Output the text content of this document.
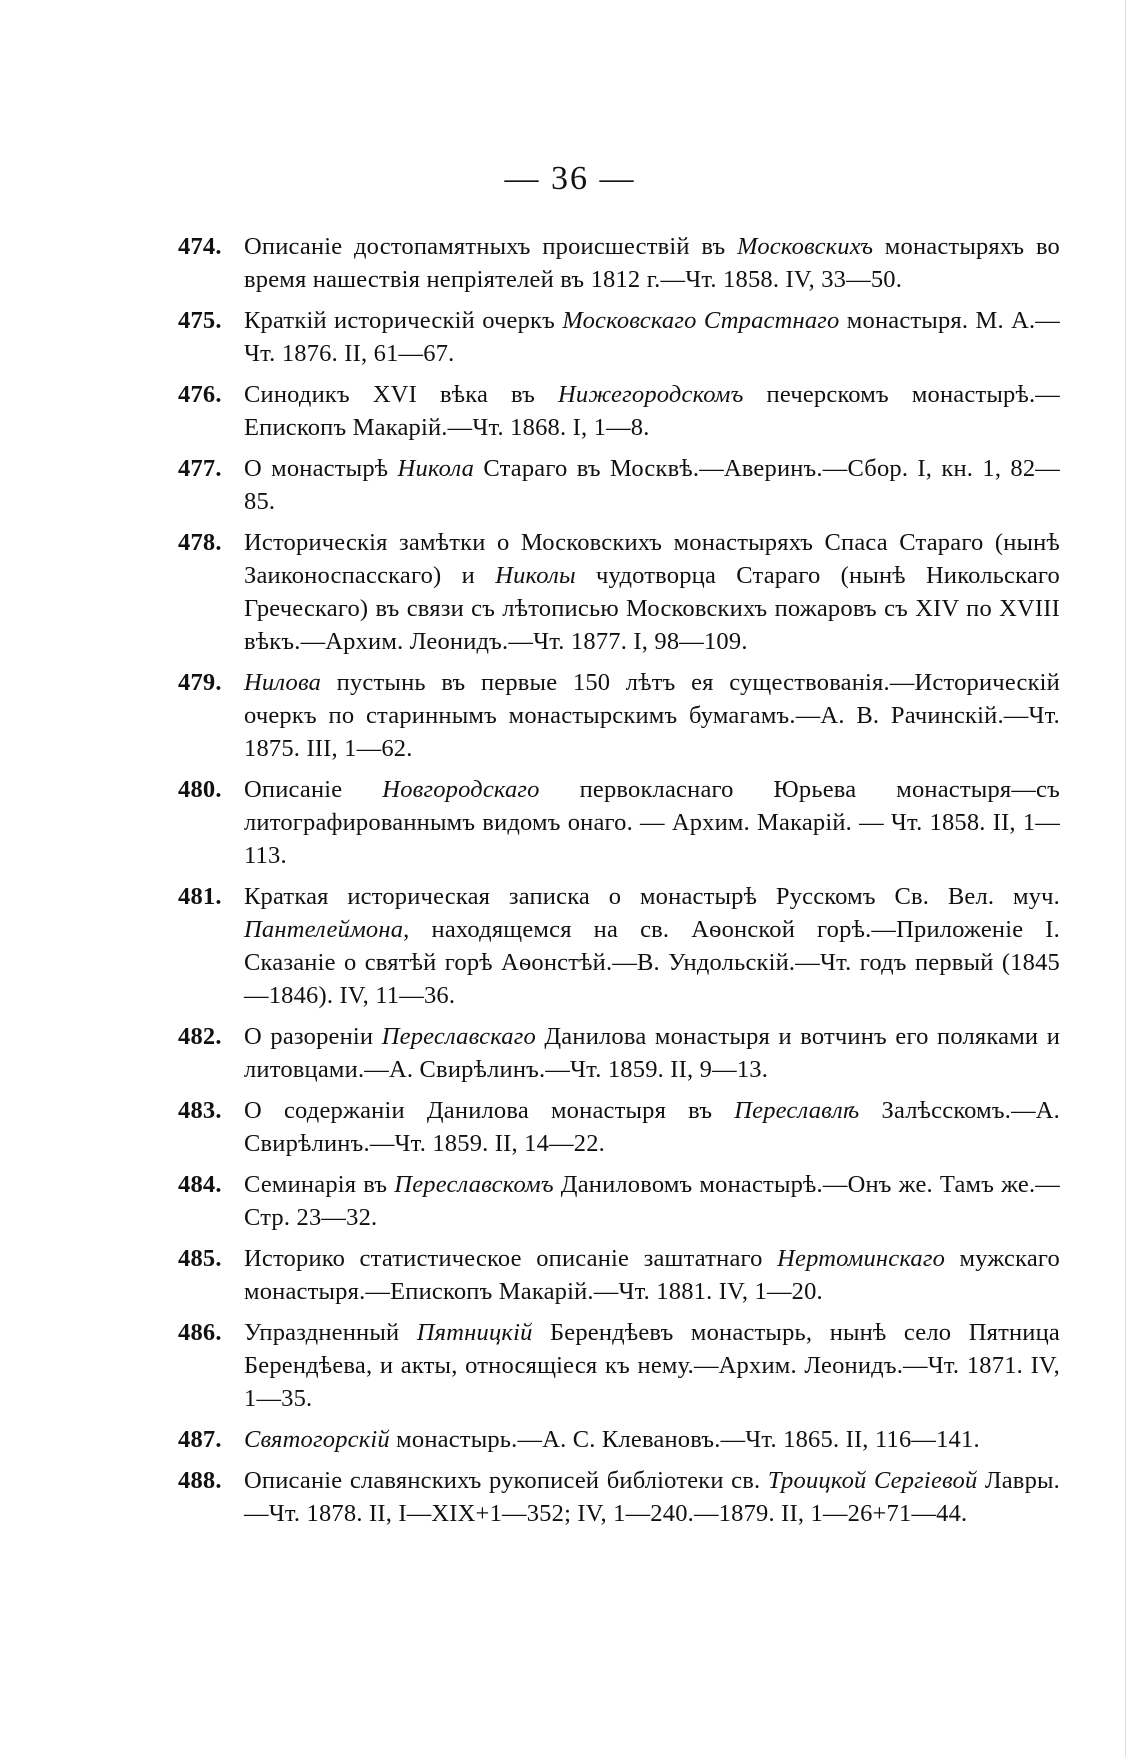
— 36 —
474. Описаніе достопамятныхъ происшествій въ Московскихъ монастыряхъ во время нашествія непріятелей въ 1812 г.—Чт. 1858. IV, 33—50.
475. Краткій историческій очеркъ Московскаго Страстнаго монастыря. М. А.—Чт. 1876. II, 61—67.
476. Синодикъ XVI вѣка въ Нижегородскомъ печерскомъ монастырѣ.—Епископъ Макарій.—Чт. 1868. I, 1—8.
477. О монастырѣ Никола Стараго въ Москвѣ.—Аверинъ.—Сбор. I, кн. 1, 82—85.
478. Историческія замѣтки о Московскихъ монастыряхъ Спаса Стараго (нынѣ Заиконоспасскаго) и Николы чудотворца Стараго (нынѣ Никольскаго Греческаго) въ связи съ лѣтописью Московскихъ пожаровъ съ XIV по XVIII вѣкъ.—Архим. Леонидъ.—Чт. 1877. I, 98—109.
479. Нилова пустынь въ первые 150 лѣтъ ея существованія.—Историческій очеркъ по стариннымъ монастырскимъ бумагамъ.—А. В. Рачинскій.—Чт. 1875. III, 1—62.
480. Описаніе Новгородскаго первокласнаго Юрьева монастыря—съ литографированнымъ видомъ онаго. — Архим. Макарій. — Чт. 1858. II, 1—113.
481. Краткая историческая записка о монастырѣ Русскомъ Св. Вел. муч. Пантелеймона, находящемся на св. Аѳонской горѣ.—Приложеніе I. Сказаніе о святѣй горѣ Аѳонстѣй.—В. Ундольскій.—Чт. годъ первый (1845—1846). IV, 11—36.
482. О разореніи Переславскаго Данилова монастыря и вотчинъ его поляками и литовцами.—А. Свирѣлинъ.—Чт. 1859. II, 9—13.
483. О содержаніи Данилова монастыря въ Переславлѣ Залѣсскомъ.—А. Свирѣлинъ.—Чт. 1859. II, 14—22.
484. Семинарія въ Переславскомъ Даниловомъ монастырѣ.—Онъ же. Тамъ же.—Стр. 23—32.
485. Историко статистическое описаніе заштатнаго Нертоминскаго мужскаго монастыря.—Епископъ Макарій.—Чт. 1881. IV, 1—20.
486. Упраздненный Пятницкій Берендѣевъ монастырь, нынѣ село Пятница Берендѣева, и акты, относящіеся къ нему.—Архим. Леонидъ.—Чт. 1871. IV, 1—35.
487. Святогорскій монастырь.—А. С. Клевановъ.—Чт. 1865. II, 116—141.
488. Описаніе славянскихъ рукописей библіотеки св. Троицкой Сергіевой Лавры.—Чт. 1878. II, I—XIX+1—352; IV, 1—240.—1879. II, 1—26+71—44.
